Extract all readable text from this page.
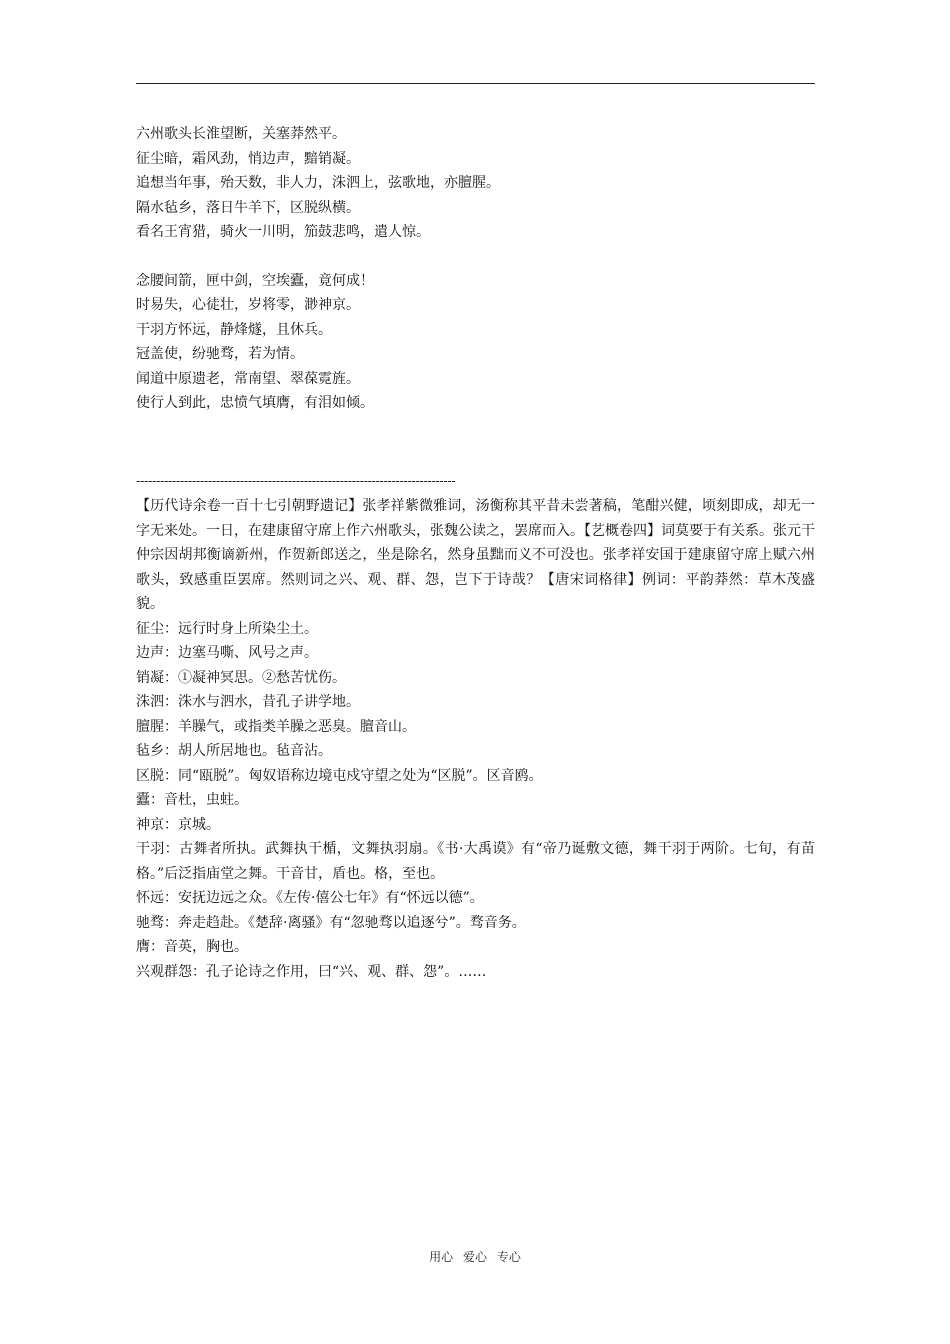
六州歌头长淮望断，关塞莽然平。
征尘暗，霜风劲，悄边声，黯销凝。
追想当年事，殆天数，非人力，洙泗上，弦歌地，亦膻腥。
隔水毡乡，落日牛羊下，区脱纵横。
看名王宵猎，骑火一川明，笳鼓悲鸣，遣人惊。
念腰间箭，匣中剑，空埃蠹，竟何成！
时易失，心徒壮，岁将零，渺神京。
干羽方怀远，静烽燧，且休兵。
冠盖使，纷驰骛，若为情。
闻道中原遗老，常南望、翠葆霓旌。
使行人到此，忠愤气填膺，有泪如倾。
--------------------------------------------------------------------------------
【历代诗余卷一百十七引朝野遗记】张孝祥紫微雅词，汤衡称其平昔未尝著稿，笔酣兴健，顷刻即成，却无一字无来处。一日，在建康留守席上作六州歌头，张魏公读之，罢席而入。【艺概卷四】词莫要于有关系。张元干仲宗因胡邦衡谪新州，作贺新郎送之，坐是除名，然身虽黜而义不可没也。张孝祥安国于建康留守席上赋六州歌头，致感重臣罢席。然则词之兴、观、群、怨，岂下于诗哉？【唐宋词格律】例词：平韵莽然：草木茂盛貌。
征尘：远行时身上所染尘土。
边声：边塞马嘶、风号之声。
销凝：①凝神冥思。②愁苦忧伤。
洙泗：洙水与泗水，昔孔子讲学地。
膻腥：羊臊气，或指类羊臊之恶臭。膻音山。
毡乡：胡人所居地也。毡音沾。
区脱：同“瓯脱”。匈奴语称边境屯戍守望之处为“区脱”。区音鸥。
蠹：音杜，虫蛀。
神京：京城。
干羽：古舞者所执。武舞执干楯，文舞执羽扇。《书·大禹谟》有“帝乃诞敷文德，舞干羽于两阶。七旬，有苗格。”后泛指庙堂之舞。干音甘，盾也。格，至也。
怀远：安抚边远之众。《左传·僖公七年》有“怀远以德”。
驰骛：奔走趋赴。《楚辞·离骚》有“忽驰骛以追逐兮”。骛音务。
膺：音英，胸也。
兴观群怨：孔子论诗之作用，曰“兴、观、群、怨”。……
用心 爱心 专心
